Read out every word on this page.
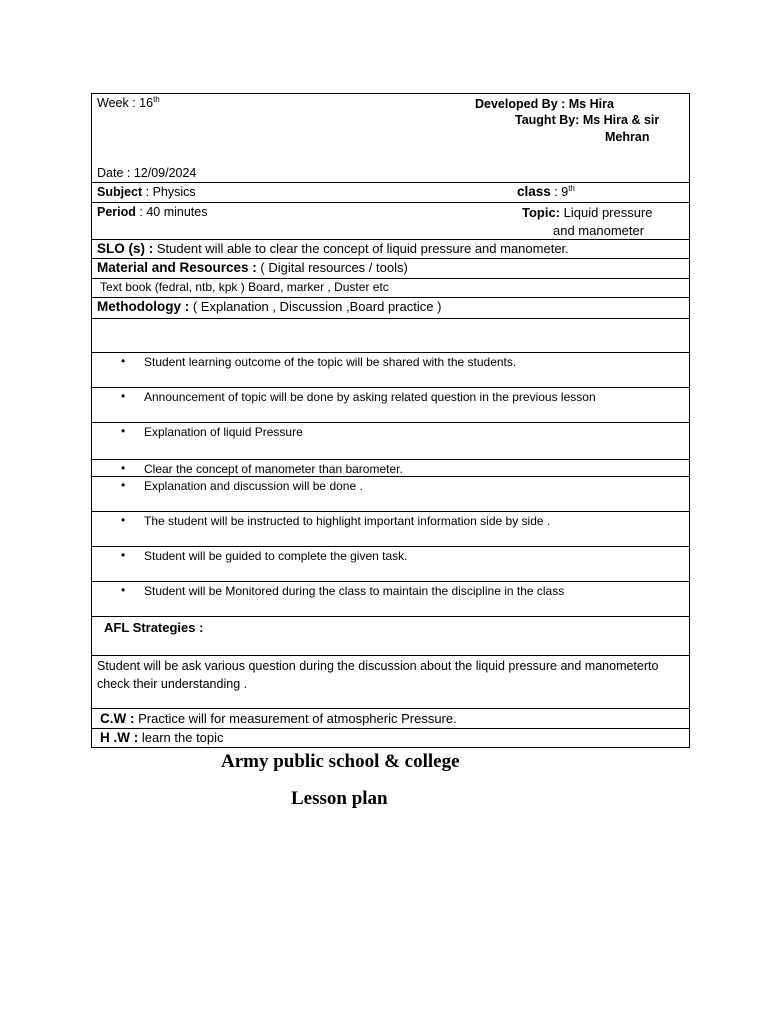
Week : 16th	Developed By : Ms Hira
Taught By: Ms Hira & sir
Mehran
Date : 12/09/2024

Subject : Physics	class : 9th

Period : 40 minutes	Topic: Liquid pressure
and manometer

SLO (s) : Student will able to clear the concept of liquid pressure and manometer.

Material and Resources : ( Digital resources / tools)

Text book (fedral, ntb, kpk ) Board, marker , Duster etc

Methodology : ( Explanation , Discussion ,Board practice )

• Student learning outcome of the topic will be shared with the students.

• Announcement of topic will be done by asking related question in the previous lesson

• Explanation of liquid Pressure

• Clear the concept of manometer than barometer.

• Explanation and discussion will be done .

• The student will be instructed to highlight important information side by side .

• Student will be guided to complete the given task.

• Student will be Monitored during the class to maintain the discipline in the class

AFL Strategies :

Student will be ask various question during the discussion about the liquid pressure and manometerto check their understanding .

C.W : Practice will for measurement of atmospheric Pressure.

H .W : learn the topic
Army public school & college
Lesson plan
